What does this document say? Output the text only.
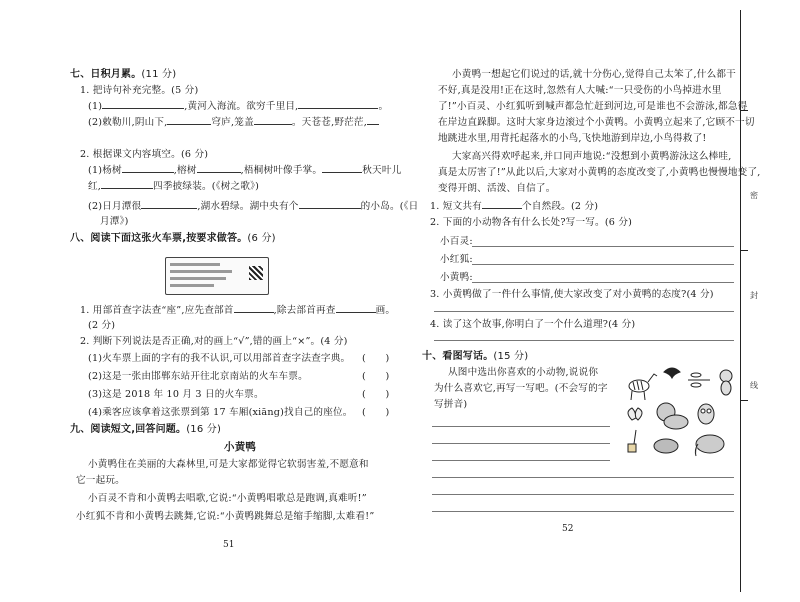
七、日积月累。(11 分)
1. 把诗句补充完整。(5 分)
(1)	,黄河入海流。欲穷千里目,	。
(2)敕勒川,阴山下,	穹庐,笼盖	。天苍苍,野茫茫,
2. 根据课文内容填空。(6 分)
(1)杨树	,榕树	,梧桐树叶像手掌。	秋天叶儿
红,	四季披绿装。(《树之歌》)
(2)日月潭很	,湖水碧绿。湖中央有个	的小岛。(《日
月潭》)
八、阅读下面这张火车票,按要求做答。(6 分)
1. 用部首查字法查“座”,应先查部首	,除去部首再查	画。
(2 分)
2. 判断下列说法是否正确,对的画上“√”,错的画上“×”。(4 分)
(1)火车票上面的字有的我不认识,可以用部首查字法查字典。 (　　)
(2)这是一张由邯郸东站开往北京南站的火车车票。	(　　)
(3)这是 2018 年 10 月 3 日的火车票。	(　　)
(4)乘客应该拿着这张票到第 17 车厢(xiāng)找自己的座位。 (　　)
九、阅读短文,回答问题。(16 分)
小黄鸭
小黄鸭住在美丽的大森林里,可是大家都觉得它软弱害羞,不愿意和
它一起玩。
小百灵不肯和小黄鸭去唱歌,它说:“小黄鸭唱歌总是跑调,真难听!”
小红狐不肯和小黄鸭去跳舞,它说:“小黄鸭跳舞总是缩手缩脚,太难看!”
51
小黄鸭一想起它们说过的话,就十分伤心,觉得自己太笨了,什么都干
不好,真是没用!正在这时,忽然有人大喊:“一只受伤的小鸟掉进水里
了!”小百灵、小红狐听到喊声都急忙赶到河边,可是谁也不会游泳,都急得
在岸边直跺脚。这时大家身边滚过个小黄鸭。小黄鸭立起来了,它顾不一切
地跳进水里,用背托起落水的小鸟,飞快地游到岸边,小鸟得救了!
大家高兴得欢呼起来,并口同声地说:“没想到小黄鸭游泳这么棒哇,
真是太厉害了!”从此以后,大家对小黄鸭的态度改变了,小黄鸭也慢慢地变了,
变得开朗、活泼、自信了。
1. 短文共有	个自然段。(2 分)
2. 下面的小动物各有什么长处?写一写。(6 分)
小百灵:
小红狐:
小黄鸭:
3. 小黄鸭做了一件什么事情,使大家改变了对小黄鸭的态度?(4 分)
4. 读了这个故事,你明白了一个什么道理?(4 分)
十、看图写话。(15 分)
从图中选出你喜欢的小动物,说说你
为什么喜欢它,再写一写吧。(不会写的字
写拼音)
52
密
封
线
